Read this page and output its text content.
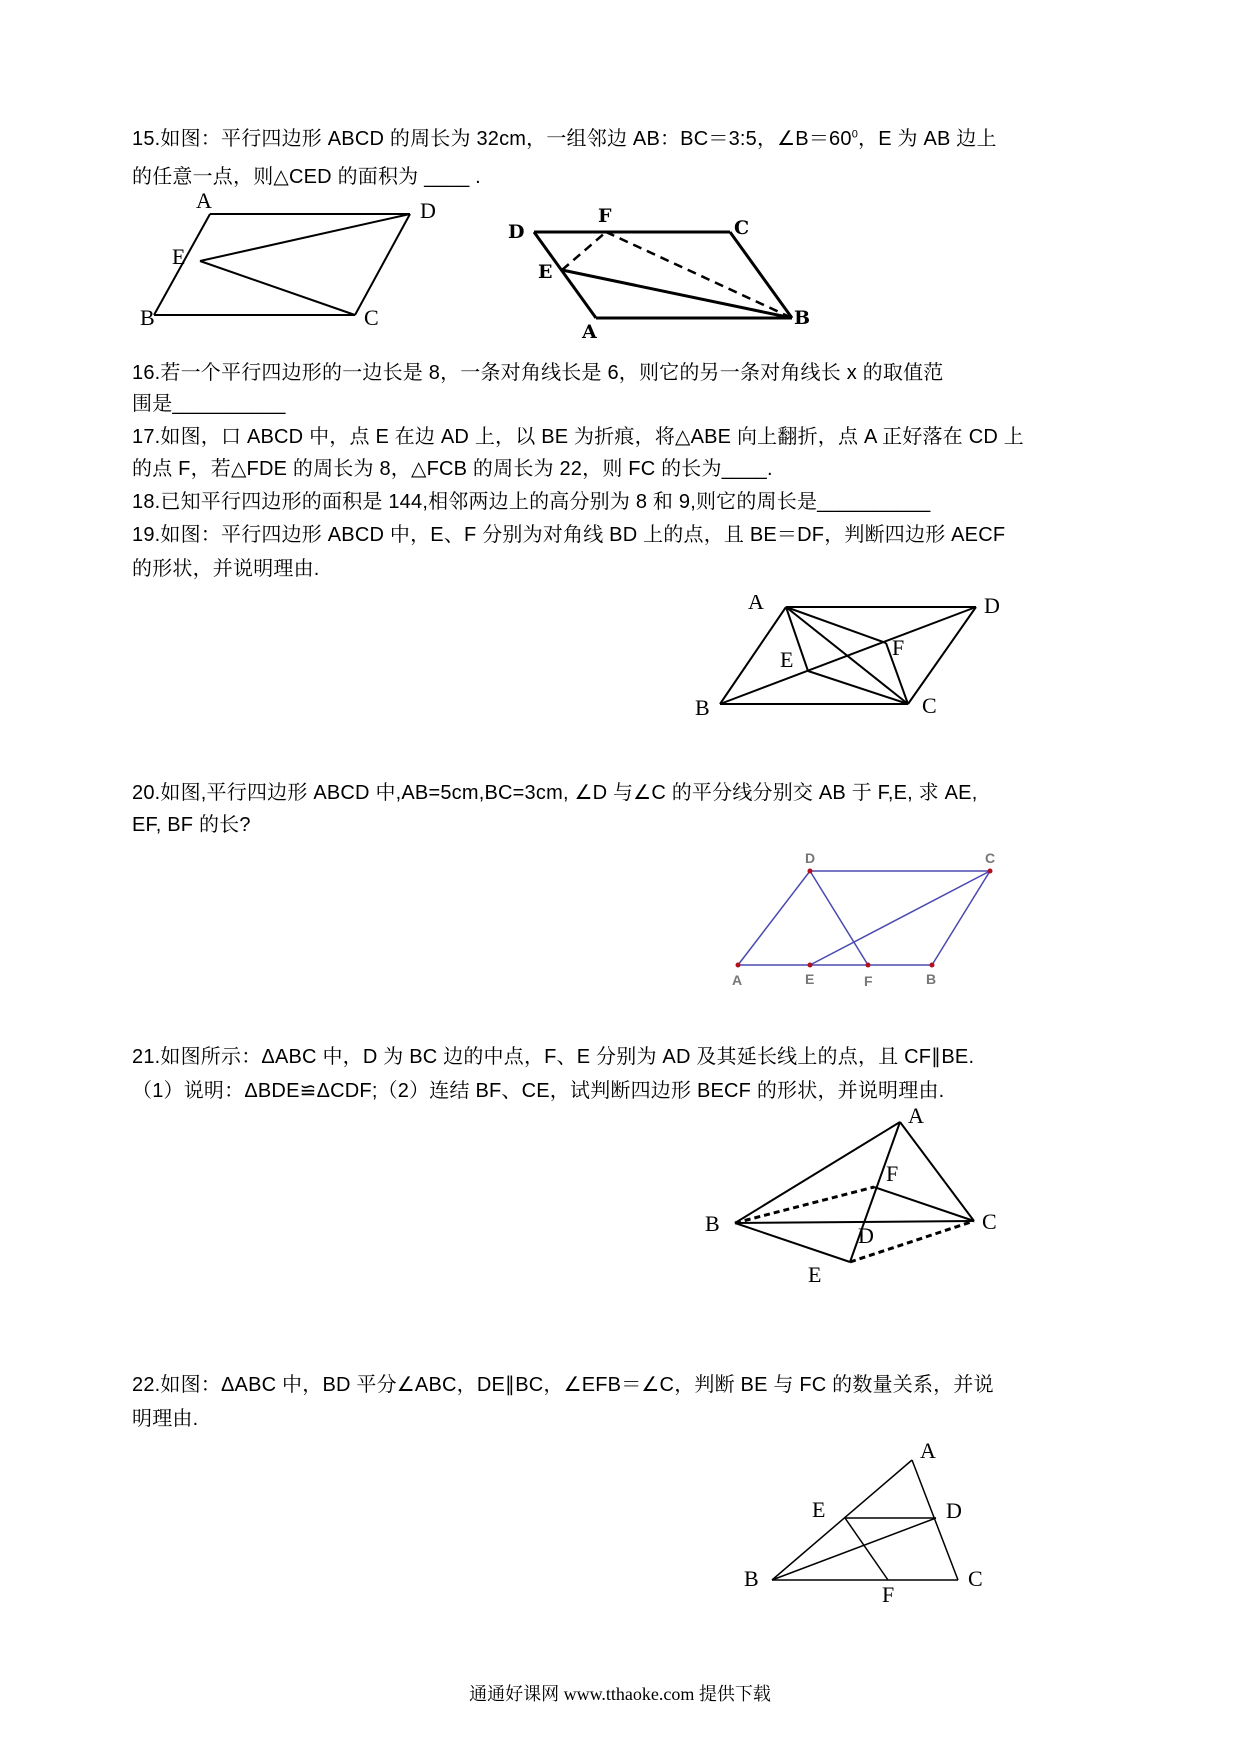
15.如图：平行四边形 ABCD 的周长为 32cm，一组邻边 AB：BC＝3:5，$\angle B=60^0$，E 为 AB 边上
的任意一点，则△CED 的面积为 ____ .
A	D
E
B	C
D
F
C
E
A
B
16.若一个平行四边形的一边长是 8，一条对角线长是 6，则它的另一条对角线长 x 的取值范
围是__________
17.如图，口 ABCD 中，点 E 在边 AD 上，以 BE 为折痕，将△ABE 向上翻折，点 A 正好落在 CD 上
的点 F，若△FDE 的周长为 8，△FCB 的周长为 22，则 FC 的长为____.
18.已知平行四边形的面积是 144,相邻两边上的高分别为 8 和 9,则它的周长是__________
19.如图：平行四边形 ABCD 中，E、F 分别为对角线 BD 上的点，且 BE＝DF，判断四边形 AECF
的形状，并说明理由.
A	D
E	F
B	C
20.如图,平行四边形 ABCD 中,AB=5cm,BC=3cm, ∠D 与∠C 的平分线分别交 AB 于 F,E, 求 AE,
EF, BF 的长?
D	C
A	E	F	B
21.如图所示：ΔABC 中，D 为 BC 边的中点，F、E 分别为 AD 及其延长线上的点，且 CF∥BE.
（1）说明：ΔBDE≌ΔCDF;（2）连结 BF、CE，试判断四边形 BECF 的形状，并说明理由.
A
F
B	C
D
E
22.如图：ΔABC 中，BD 平分∠ABC，DE∥BC，∠EFB＝∠C，判断 BE 与 FC 的数量关系，并说
明理由.
A
E	D
B
F
C
通通好课网 www.tthaoke.com 提供下载
